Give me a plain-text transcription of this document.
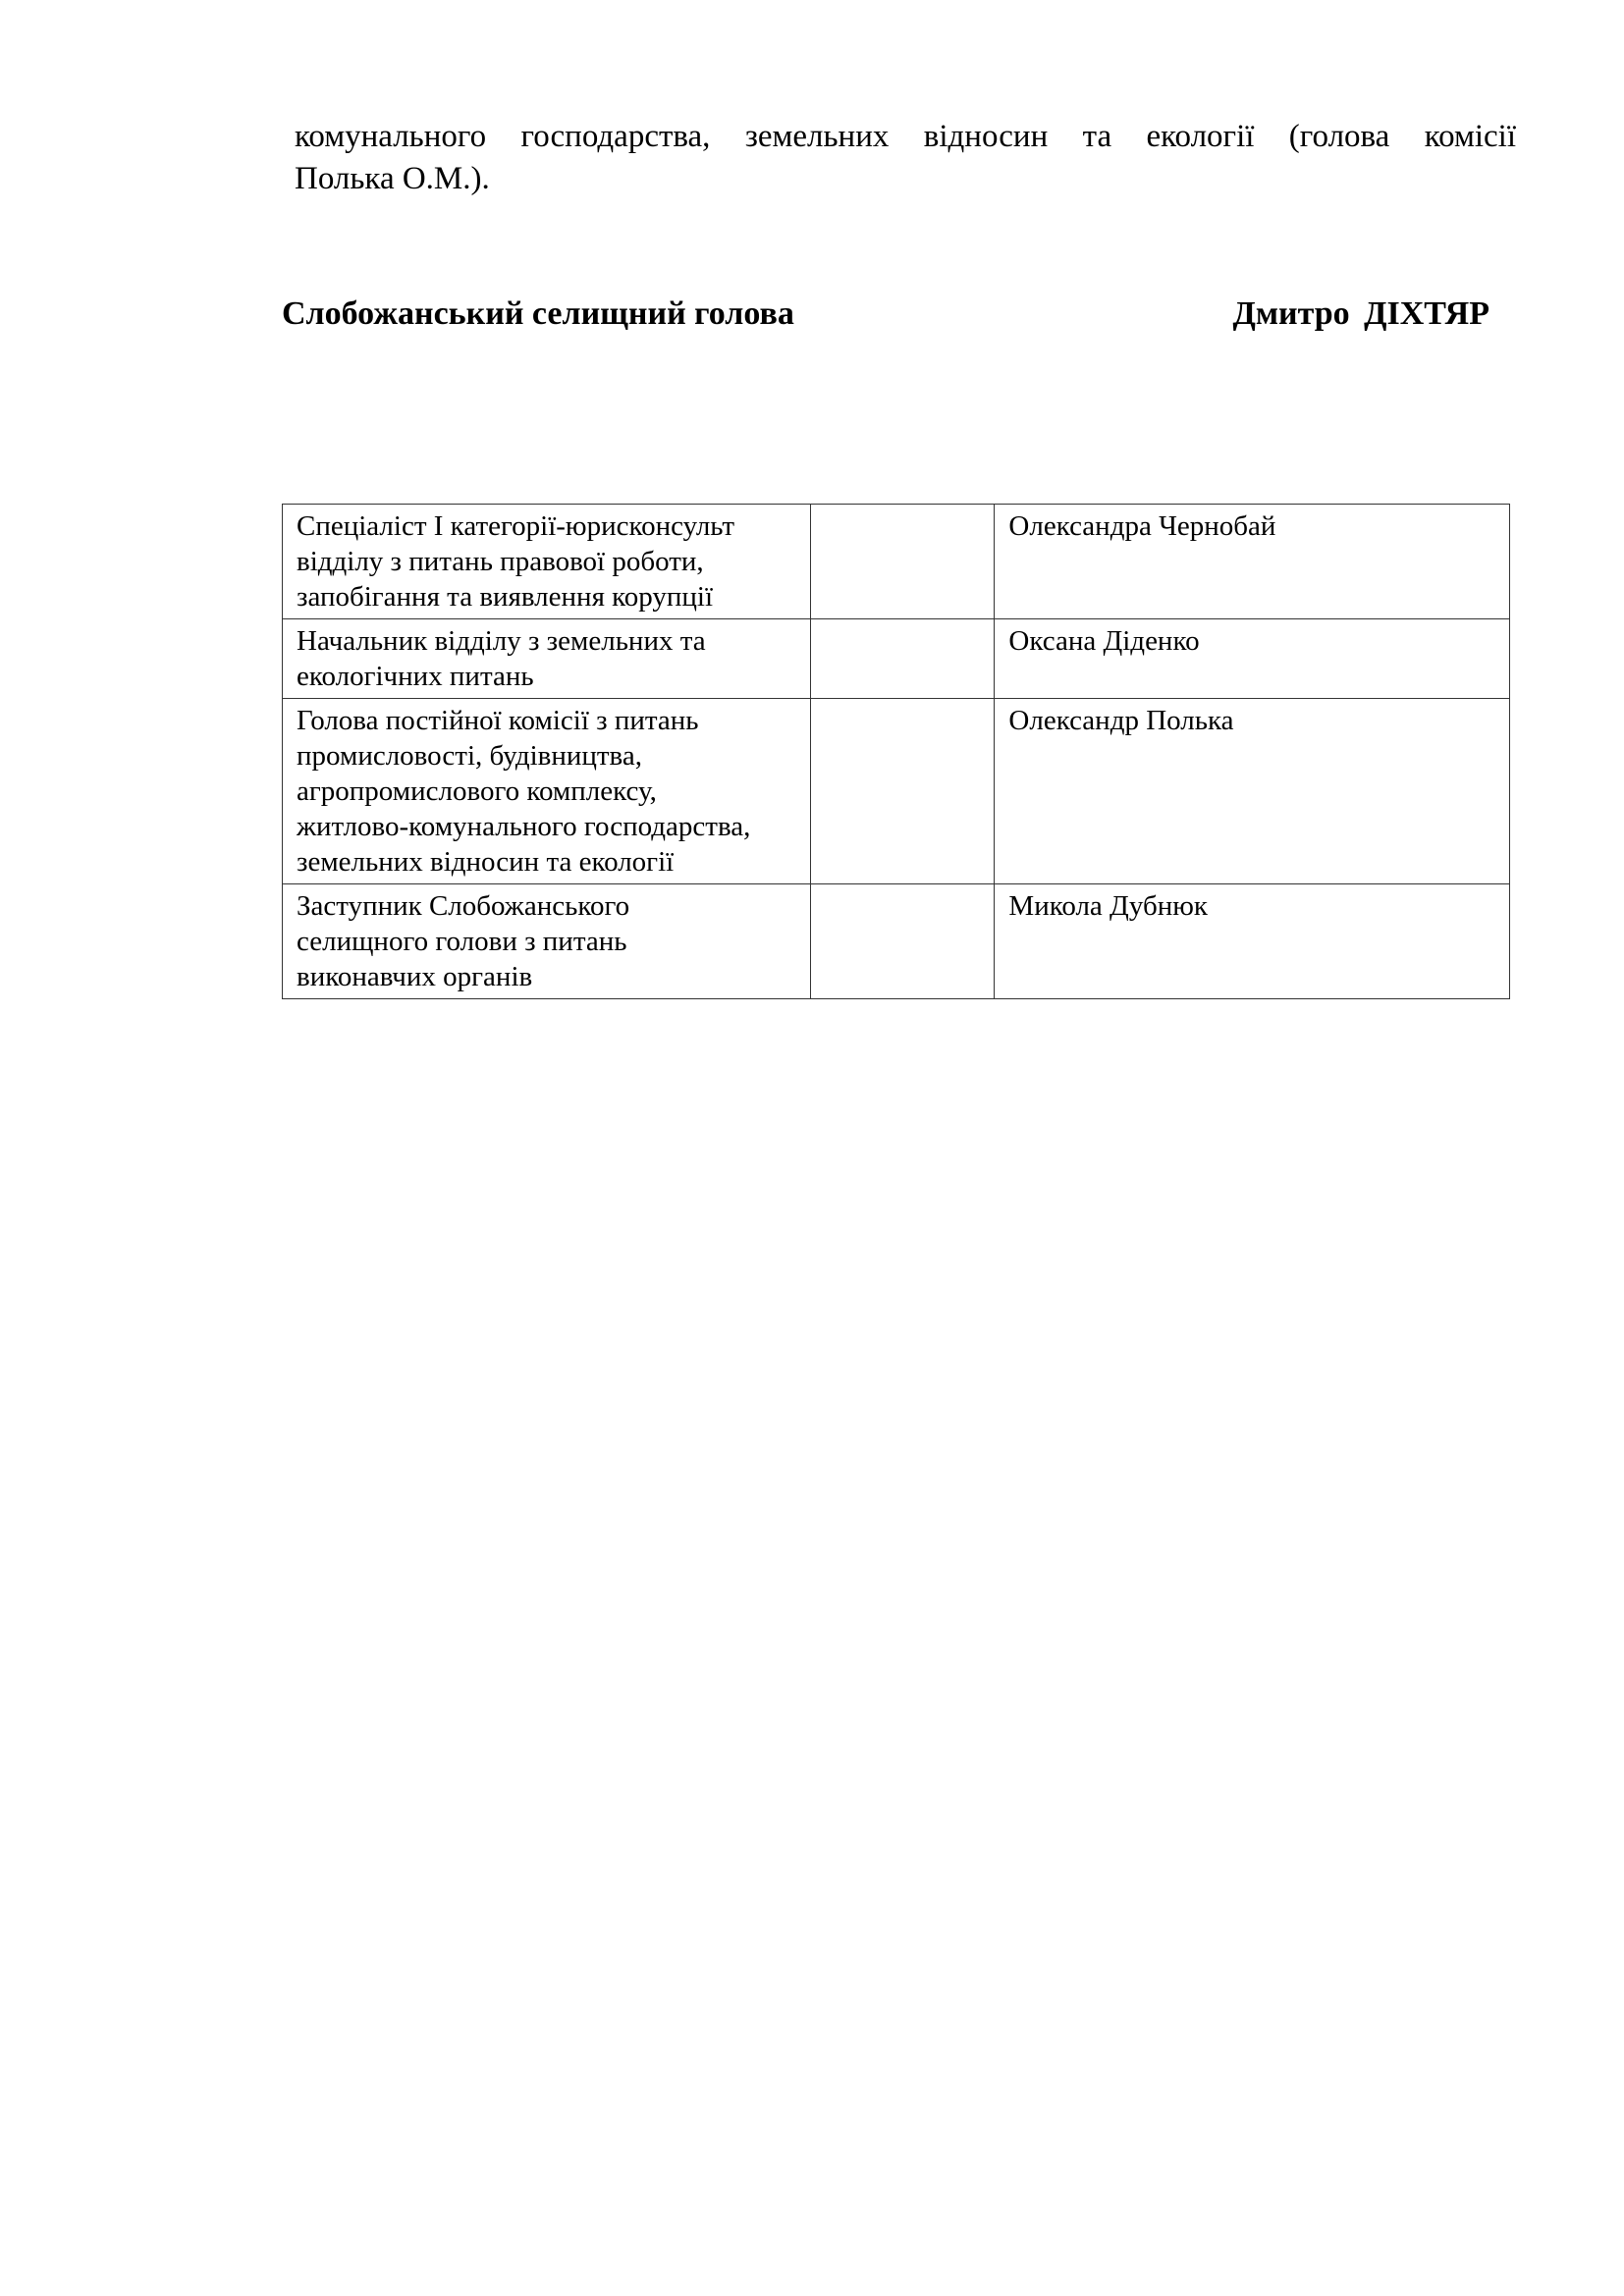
комунального господарства, земельних відносин та екології (голова комісії
Полька О.М.).
Слобожанський селищний голова	Дмитро ДІХТЯР
Спеціаліст І категорії-юрисконсульт
відділу з питань правової роботи,
запобігання та виявлення корупції		Олександра Чернобай

Начальник відділу з земельних та
екологічних питань		Оксана Діденко

Голова постійної комісії з питань
промисловості, будівництва,
агропромислового комплексу,
житлово-комунального господарства,
земельних відносин та екології		Олександр Полька

Заступник Слобожанського
селищного голови з питань
виконавчих органів		Микола Дубнюк
